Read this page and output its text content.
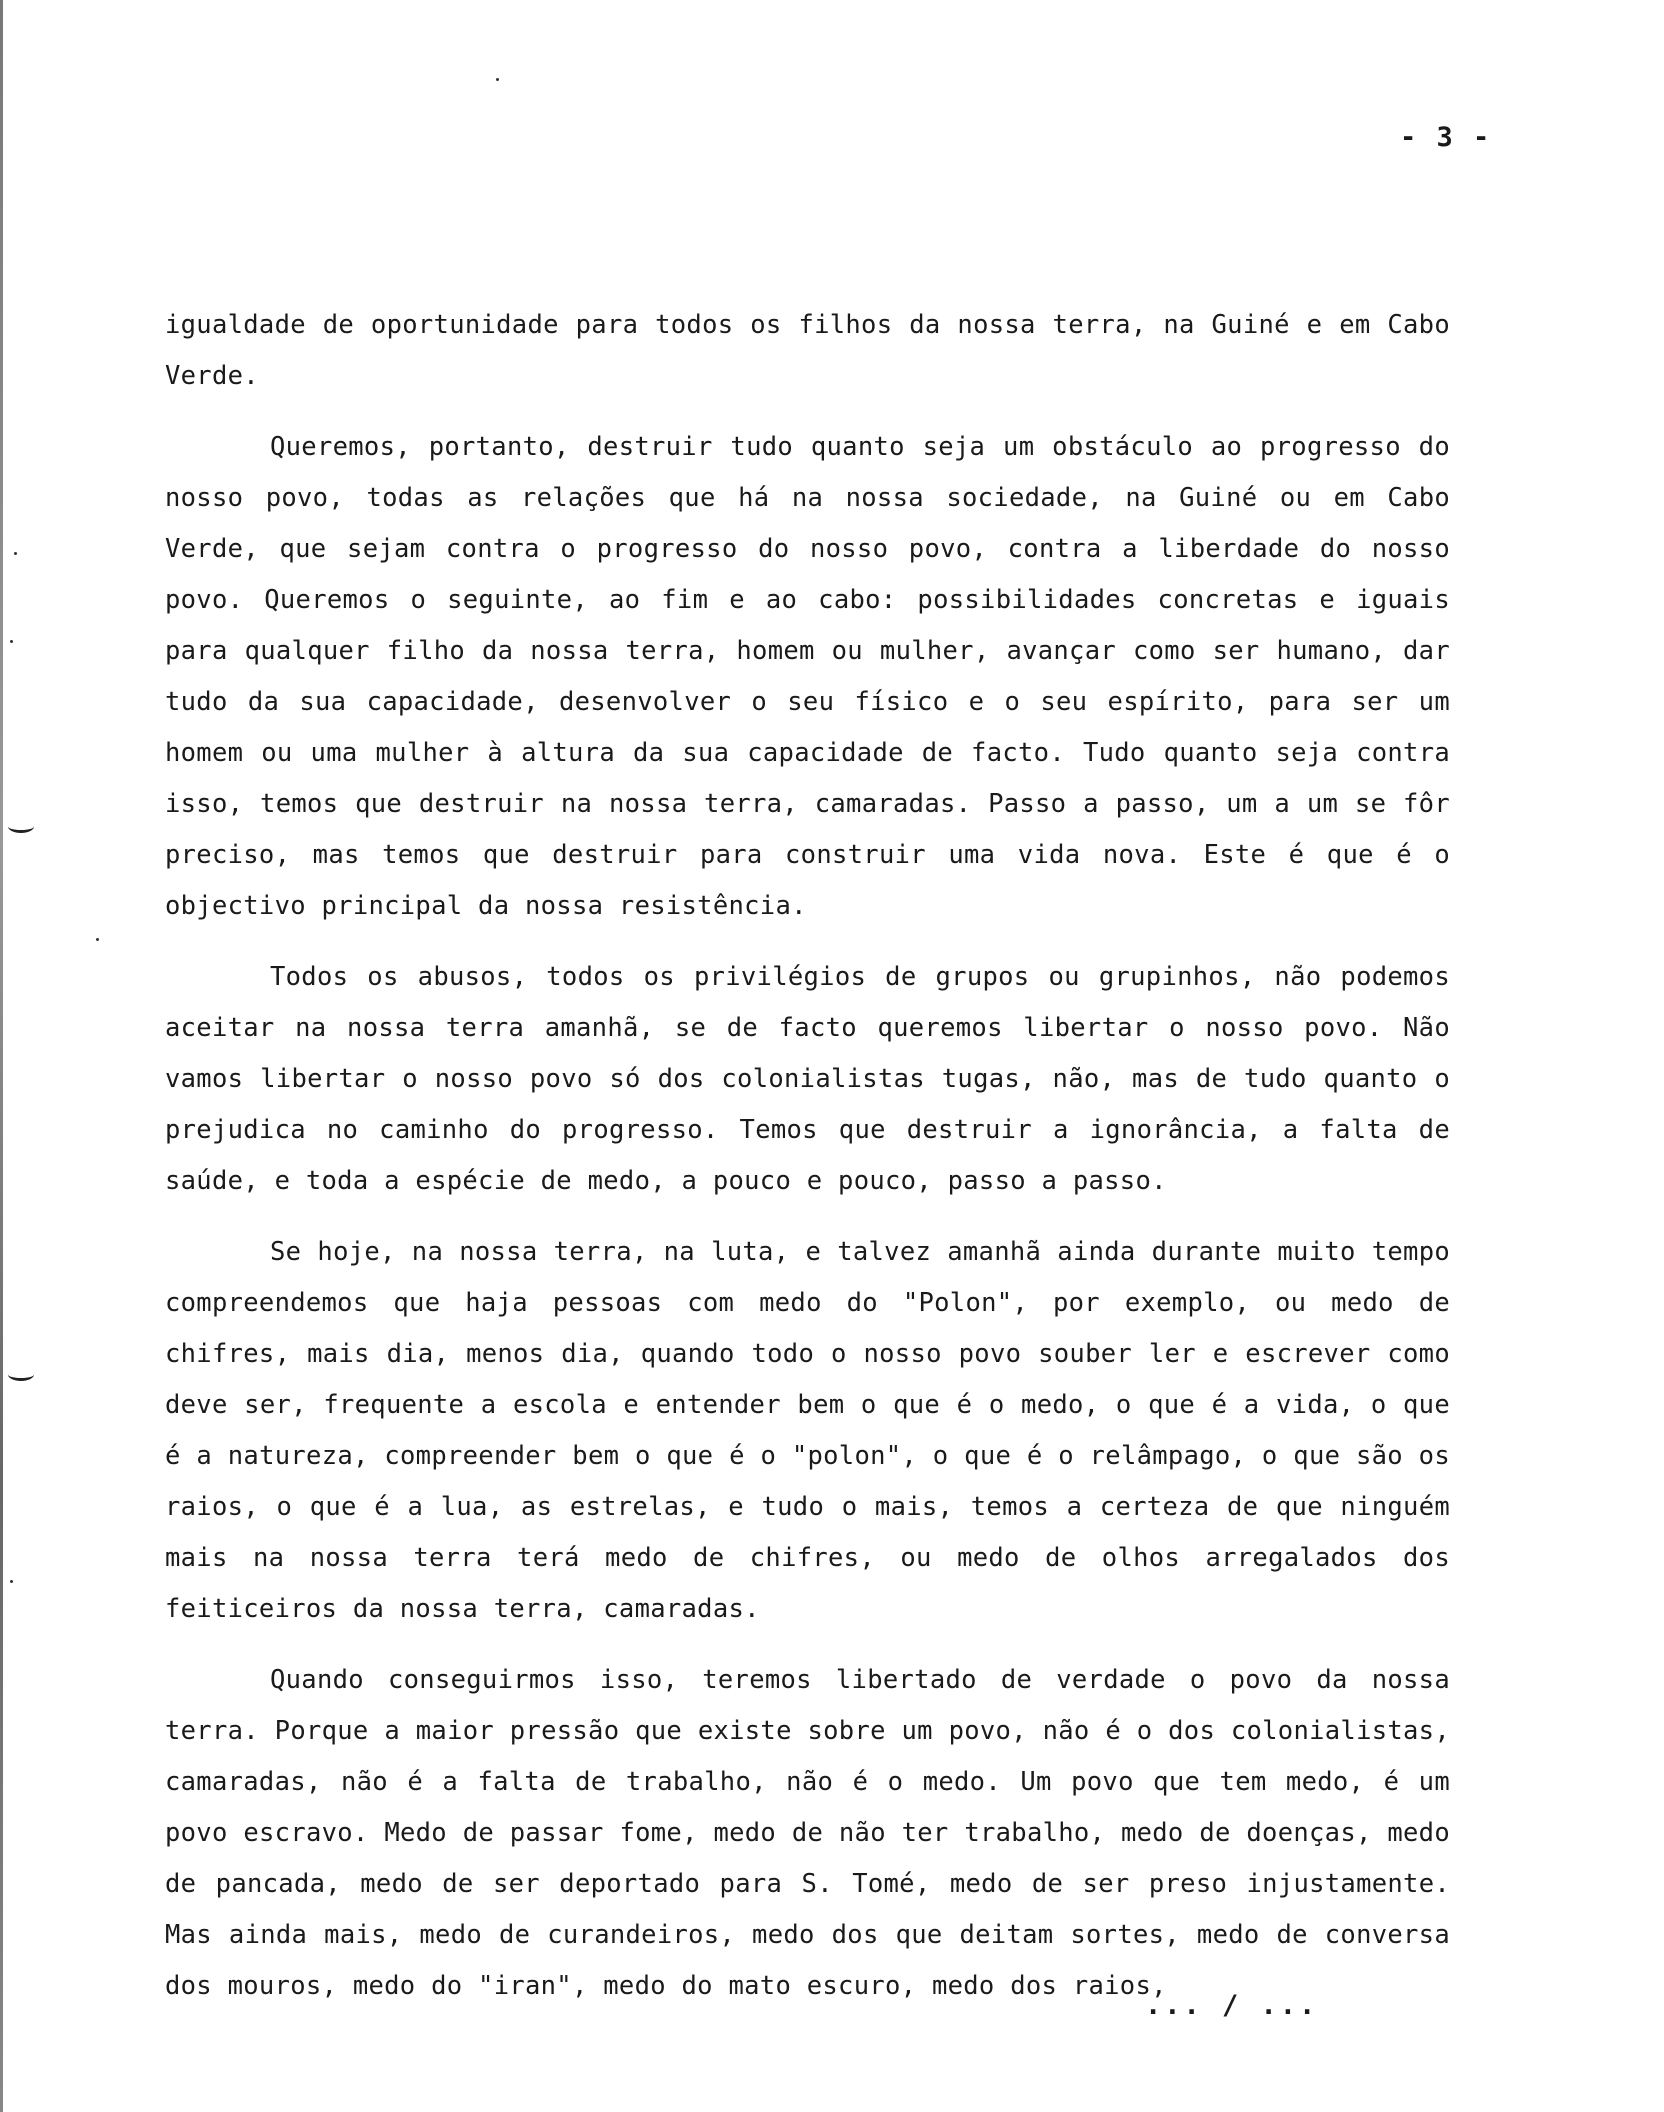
- 3 -

igualdade de oportunidade para todos os filhos da nossa terra, na Guiné e em Cabo Verde.

Queremos, portanto, destruir tudo quanto seja um obstáculo ao progresso do nosso povo, todas as relações que há na nossa sociedade, na Guiné ou em Cabo Verde, que sejam contra o progresso do nosso povo, contra a liberdade do nosso povo. Queremos o seguinte, ao fim e ao cabo: possibilidades concretas e iguais para qualquer filho da nossa terra, homem ou mulher, avançar como ser humano, dar tudo da sua capacidade, desenvolver o seu físico e o seu espírito, para ser um homem ou uma mulher à altura da sua capacidade de facto. Tudo quanto seja contra isso, temos que destruir na nossa terra, camaradas. Passo a passo, um a um se fôr preciso, mas temos que destruir para construir uma vida nova. Este é que é o objectivo principal da nossa resistência.

Todos os abusos, todos os privilégios de grupos ou grupinhos, não podemos aceitar na nossa terra amanhã, se de facto queremos libertar o nosso povo. Não vamos libertar o nosso povo só dos colonialistas tugas, não, mas de tudo quanto o prejudica no caminho do progresso. Temos que destruir a ignorância, a falta de saúde, e toda a espécie de medo, a pouco e pouco, passo a passo.

Se hoje, na nossa terra, na luta, e talvez amanhã ainda durante muito tempo compreendemos que haja pessoas com medo do "Polon", por exemplo, ou medo de chifres, mais dia, menos dia, quando todo o nosso povo souber ler e escrever como deve ser, frequente a escola e entender bem o que é o medo, o que é a vida, o que é a natureza, compreender bem o que é o "polon", o que é o relâmpago, o que são os raios, o que é a lua, as estrelas, e tudo o mais, temos a certeza de que ninguém mais na nossa terra terá medo de chifres, ou medo de olhos arregalados dos feiticeiros da nossa terra, camaradas.

Quando conseguirmos isso, teremos libertado de verdade o povo da nossa terra. Porque a maior pressão que existe sobre um povo, não é o dos colonialistas, camaradas, não é a falta de trabalho, não é o medo. Um povo que tem medo, é um povo escravo. Medo de passar fome, medo de não ter trabalho, medo de doenças, medo de pancada, medo de ser deportado para S. Tomé, medo de ser preso injustamente. Mas ainda mais, medo de curandeiros, medo dos que deitam sortes, medo de conversa dos mouros, medo do "iran", medo do mato escuro, medo dos raios,

... / ...
